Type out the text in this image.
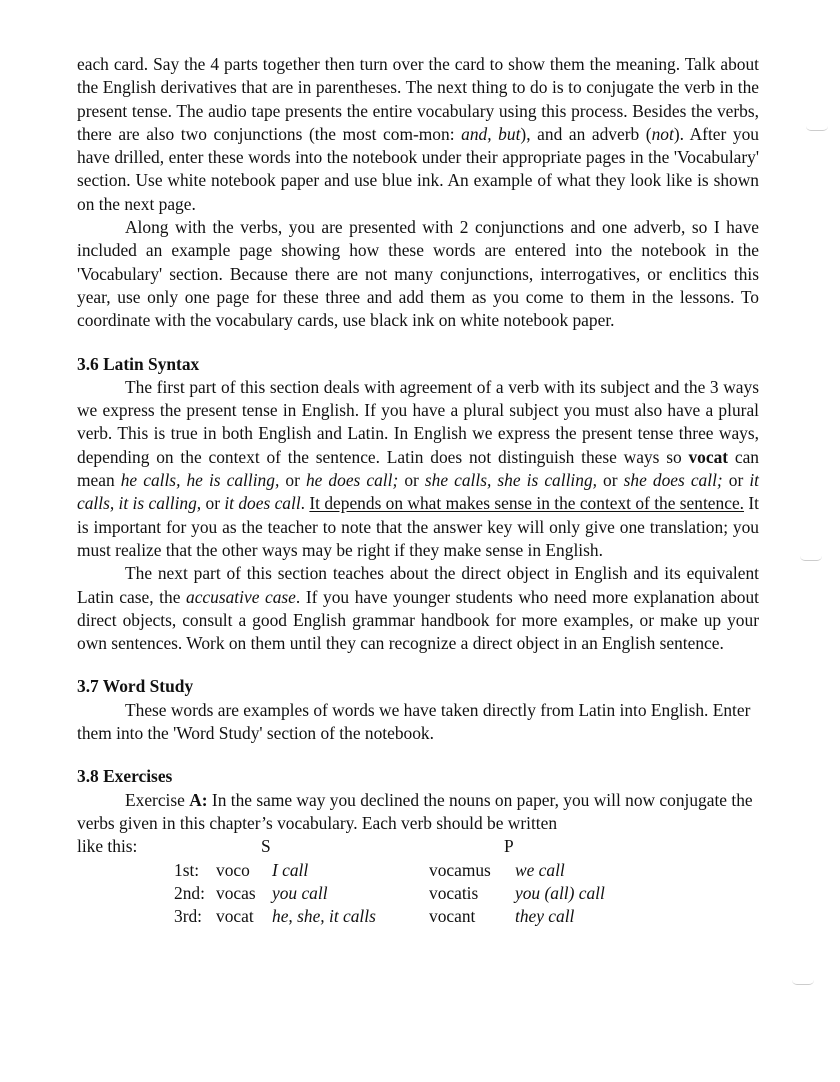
each card. Say the 4 parts together then turn over the card to show them the meaning. Talk about the English derivatives that are in parentheses. The next thing to do is to conjugate the verb in the present tense. The audio tape presents the entire vocabulary using this process. Besides the verbs, there are also two conjunctions (the most com-mon: and, but), and an adverb (not). After you have drilled, enter these words into the notebook under their appropriate pages in the 'Vocabulary' section. Use white notebook paper and use blue ink. An example of what they look like is shown on the next page.

Along with the verbs, you are presented with 2 conjunctions and one adverb, so I have included an example page showing how these words are entered into the notebook in the 'Vocabulary' section. Because there are not many conjunctions, interrogatives, or enclitics this year, use only one page for these three and add them as you come to them in the lessons. To coordinate with the vocabulary cards, use black ink on white notebook paper.

3.6 Latin Syntax

The first part of this section deals with agreement of a verb with its subject and the 3 ways we express the present tense in English. If you have a plural subject you must also have a plural verb. This is true in both English and Latin. In English we express the present tense three ways, depending on the context of the sentence. Latin does not distinguish these ways so vocat can mean he calls, he is calling, or he does call; or she calls, she is calling, or she does call; or it calls, it is calling, or it does call. It depends on what makes sense in the context of the sentence. It is important for you as the teacher to note that the answer key will only give one translation; you must realize that the other ways may be right if they make sense in English.

The next part of this section teaches about the direct object in English and its equivalent Latin case, the accusative case. If you have younger students who need more explanation about direct objects, consult a good English grammar handbook for more examples, or make up your own sentences. Work on them until they can recognize a direct object in an English sentence.

3.7 Word Study

These words are examples of words we have taken directly from Latin into English. Enter them into the 'Word Study' section of the notebook.

3.8 Exercises

Exercise A: In the same way you declined the nouns on paper, you will now conjugate the verbs given in this chapter’s vocabulary. Each verb should be written

like this:	S	P
1st:	voco	I call	vocamus	we call
2nd:	vocas	you call	vocatis	you (all) call
3rd:	vocat	he, she, it calls	vocant	they call
